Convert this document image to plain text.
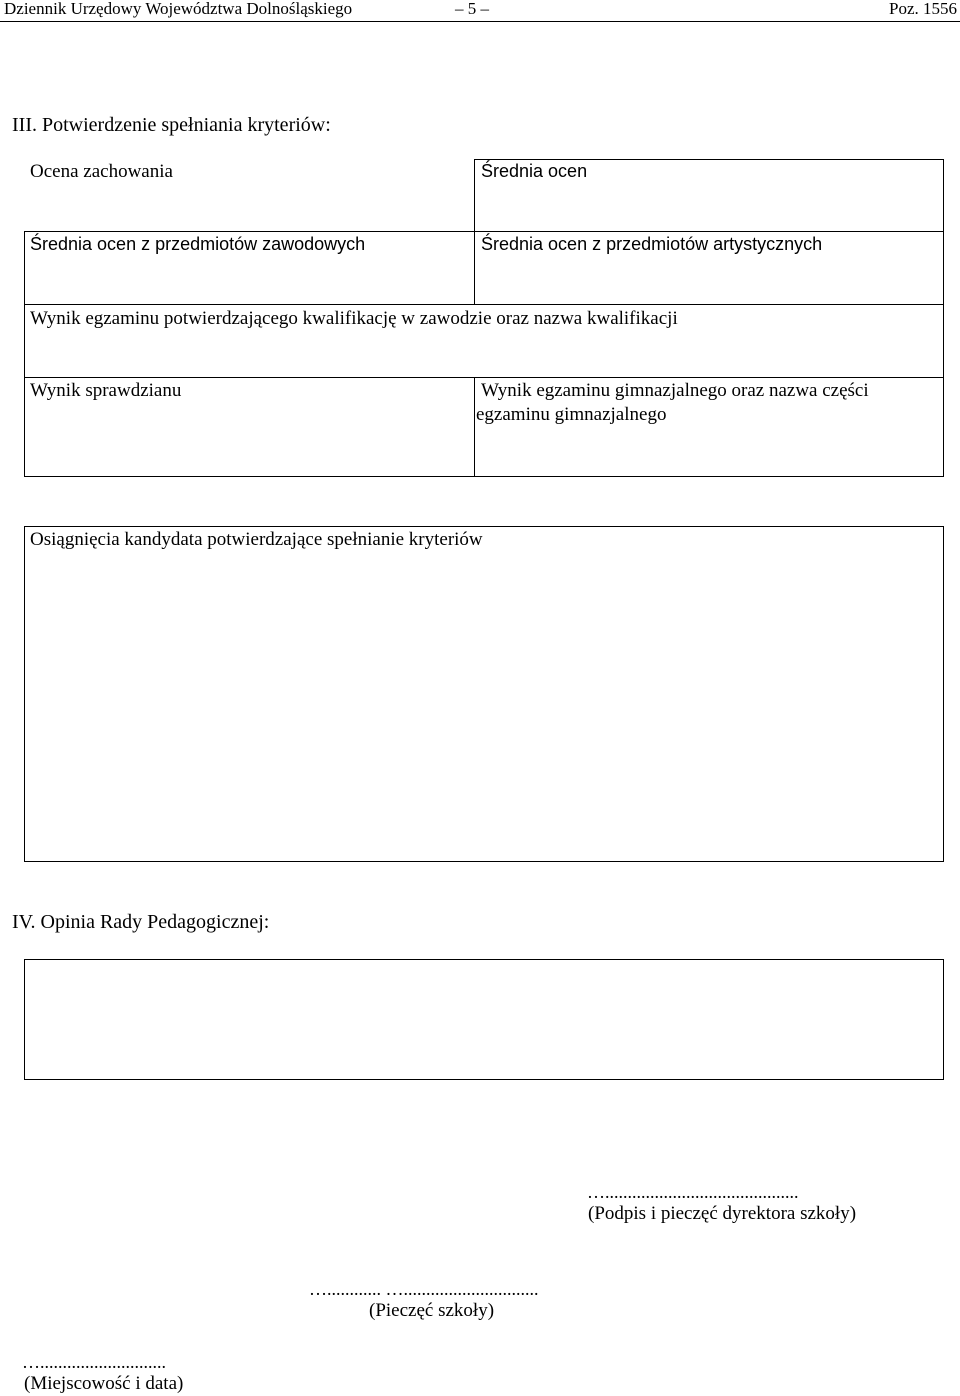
Dziennik Urzędowy Województwa Dolnośląskiego	– 5 –	Poz. 1556
III. Potwierdzenie spełniania kryteriów:
Ocena zachowania	Średnia ocen
Średnia ocen z przedmiotów zawodowych	Średnia ocen z przedmiotów artystycznych
Wynik egzaminu potwierdzającego kwalifikację w zawodzie oraz nazwa kwalifikacji
Wynik sprawdzianu	Wynik egzaminu gimnazjalnego oraz nazwa części
egzaminu gimnazjalnego
Osiągnięcia kandydata potwierdzające spełnianie kryteriów
IV. Opinia Rady Pedagogicznej:
…...........................................
(Podpis i pieczęć dyrektora szkoły)
…............ …..............................
(Pieczęć szkoły)
…............................
(Miejscowość i data)
